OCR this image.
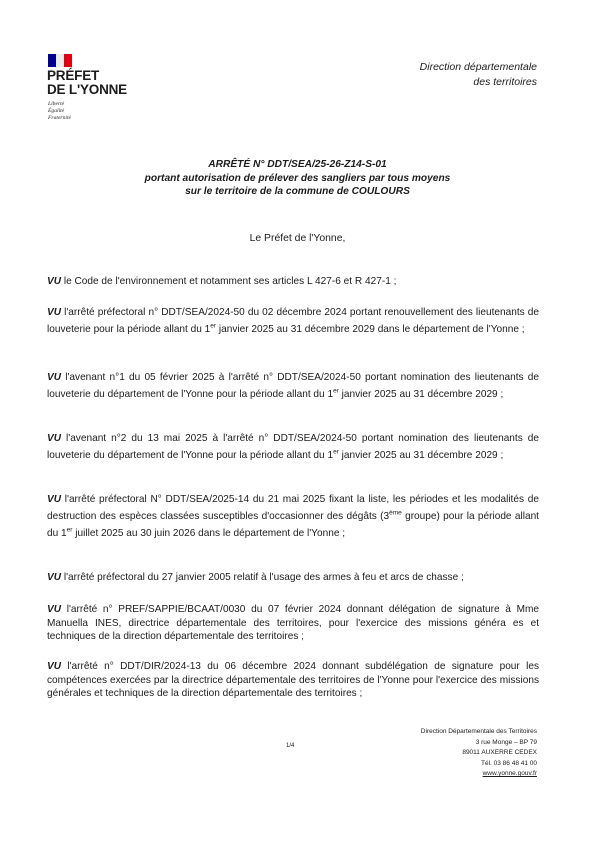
PRÉFET
DE L'YONNE
Liberté
Égalité
Fraternité
Direction départementale
des territoires
ARRÊTÉ N° DDT/SEA/25-26-Z14-S-01
portant autorisation de prélever des sangliers par tous moyens
sur le territoire de la commune de COULOURS
Le Préfet de l'Yonne,
VU le Code de l'environnement et notamment ses articles L 427-6 et R 427-1 ;
VU l'arrêté préfectoral n° DDT/SEA/2024-50 du 02 décembre 2024 portant renouvellement des lieutenants de louveterie pour la période allant du 1er janvier 2025 au 31 décembre 2029 dans le département de l'Yonne ;
VU l'avenant n°1 du 05 février 2025 à l'arrêté n° DDT/SEA/2024-50 portant nomination des lieutenants de louveterie du département de l'Yonne pour la période allant du 1er janvier 2025 au 31 décembre 2029 ;
VU l'avenant n°2 du 13 mai 2025 à l'arrêté n° DDT/SEA/2024-50 portant nomination des lieutenants de louveterie du département de l'Yonne pour la période allant du 1er janvier 2025 au 31 décembre 2029 ;
VU l'arrêté préfectoral N° DDT/SEA/2025-14 du 21 mai 2025 fixant la liste, les périodes et les modalités de destruction des espèces classées susceptibles d'occasionner des dégâts (3ème groupe) pour la période allant du 1er juillet 2025 au 30 juin 2026 dans le département de l'Yonne ;
VU l'arrêté préfectoral du 27 janvier 2005 relatif à l'usage des armes à feu et arcs de chasse ;
VU l'arrêté n° PREF/SAPPIE/BCAAT/0030 du 07 février 2024 donnant délégation de signature à Mme Manuella INES, directrice départementale des territoires, pour l'exercice des missions généra es et techniques de la direction départementale des territoires ;
VU l'arrêté n° DDT/DIR/2024-13 du 06 décembre 2024 donnant subdélégation de signature pour les compétences exercées par la directrice départementale des territoires de l'Yonne pour l'exercice des missions générales et techniques de la direction départementale des territoires ;
1/4
Direction Départementale des Territoires
3 rue Monge – BP 79
89011 AUXERRE CEDEX
Tél. 03 86 48 41 00
www.yonne.gouv.fr
